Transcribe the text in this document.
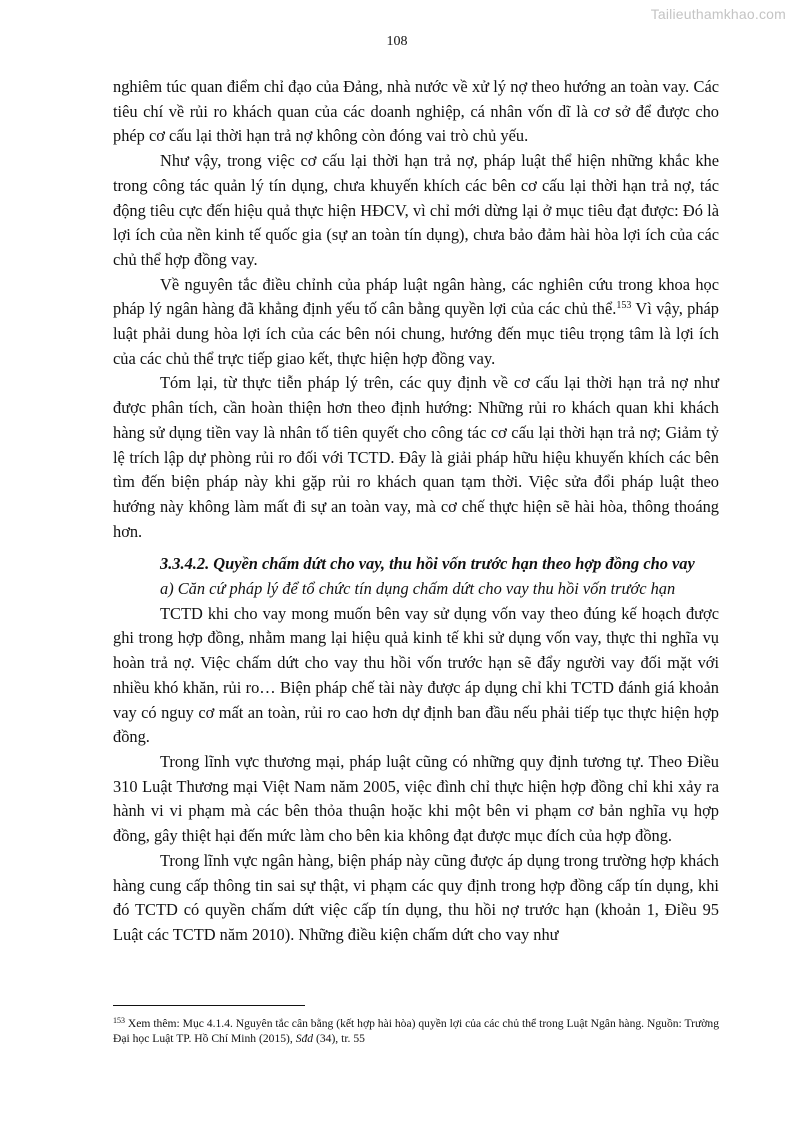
Tailieuthamkhao.com
108

nghiêm túc quan điểm chỉ đạo của Đảng, nhà nước về xử lý nợ theo hướng an toàn vay. Các tiêu chí về rủi ro khách quan của các doanh nghiệp, cá nhân vốn dĩ là cơ sở để được cho phép cơ cấu lại thời hạn trả nợ không còn đóng vai trò chủ yếu.

Như vậy, trong việc cơ cấu lại thời hạn trả nợ, pháp luật thể hiện những khắc khe trong công tác quản lý tín dụng, chưa khuyến khích các bên cơ cấu lại thời hạn trả nợ, tác động tiêu cực đến hiệu quả thực hiện HĐCV, vì chỉ mới dừng lại ở mục tiêu đạt được: Đó là lợi ích của nền kinh tế quốc gia (sự an toàn tín dụng), chưa bảo đảm hài hòa lợi ích của các chủ thể hợp đồng vay.

Về nguyên tắc điều chỉnh của pháp luật ngân hàng, các nghiên cứu trong khoa học pháp lý ngân hàng đã khẳng định yếu tố cân bằng quyền lợi của các chủ thể.$^{153}$ Vì vậy, pháp luật phải dung hòa lợi ích của các bên nói chung, hướng đến mục tiêu trọng tâm là lợi ích của các chủ thể trực tiếp giao kết, thực hiện hợp đồng vay.

Tóm lại, từ thực tiễn pháp lý trên, các quy định về cơ cấu lại thời hạn trả nợ như được phân tích, cần hoàn thiện hơn theo định hướng: Những rủi ro khách quan khi khách hàng sử dụng tiền vay là nhân tố tiên quyết cho công tác cơ cấu lại thời hạn trả nợ; Giảm tỷ lệ trích lập dự phòng rủi ro đối với TCTD. Đây là giải pháp hữu hiệu khuyến khích các bên tìm đến biện pháp này khi gặp rủi ro khách quan tạm thời. Việc sửa đổi pháp luật theo hướng này không làm mất đi sự an toàn vay, mà cơ chế thực hiện sẽ hài hòa, thông thoáng hơn.

3.3.4.2. Quyền chấm dứt cho vay, thu hồi vốn trước hạn theo hợp đồng cho vay

a) Căn cứ pháp lý để tổ chức tín dụng chấm dứt cho vay thu hồi vốn trước hạn

TCTD khi cho vay mong muốn bên vay sử dụng vốn vay theo đúng kế hoạch được ghi trong hợp đồng, nhằm mang lại hiệu quả kinh tế khi sử dụng vốn vay, thực thi nghĩa vụ hoàn trả nợ. Việc chấm dứt cho vay thu hồi vốn trước hạn sẽ đẩy người vay đối mặt với nhiều khó khăn, rủi ro… Biện pháp chế tài này được áp dụng chỉ khi TCTD đánh giá khoản vay có nguy cơ mất an toàn, rủi ro cao hơn dự định ban đầu nếu phải tiếp tục thực hiện hợp đồng.

Trong lĩnh vực thương mại, pháp luật cũng có những quy định tương tự. Theo Điều 310 Luật Thương mại Việt Nam năm 2005, việc đình chỉ thực hiện hợp đồng chỉ khi xảy ra hành vi vi phạm mà các bên thỏa thuận hoặc khi một bên vi phạm cơ bản nghĩa vụ hợp đồng, gây thiệt hại đến mức làm cho bên kia không đạt được mục đích của hợp đồng.

Trong lĩnh vực ngân hàng, biện pháp này cũng được áp dụng trong trường hợp khách hàng cung cấp thông tin sai sự thật, vi phạm các quy định trong hợp đồng cấp tín dụng, khi đó TCTD có quyền chấm dứt việc cấp tín dụng, thu hồi nợ trước hạn (khoản 1, Điều 95 Luật các TCTD năm 2010). Những điều kiện chấm dứt cho vay như

$^{153}$ Xem thêm: Mục 4.1.4. Nguyên tắc cân bằng (kết hợp hài hòa) quyền lợi của các chủ thể trong Luật Ngân hàng. Nguồn: Trường Đại học Luật TP. Hồ Chí Minh (2015), Sđd (34), tr. 55
